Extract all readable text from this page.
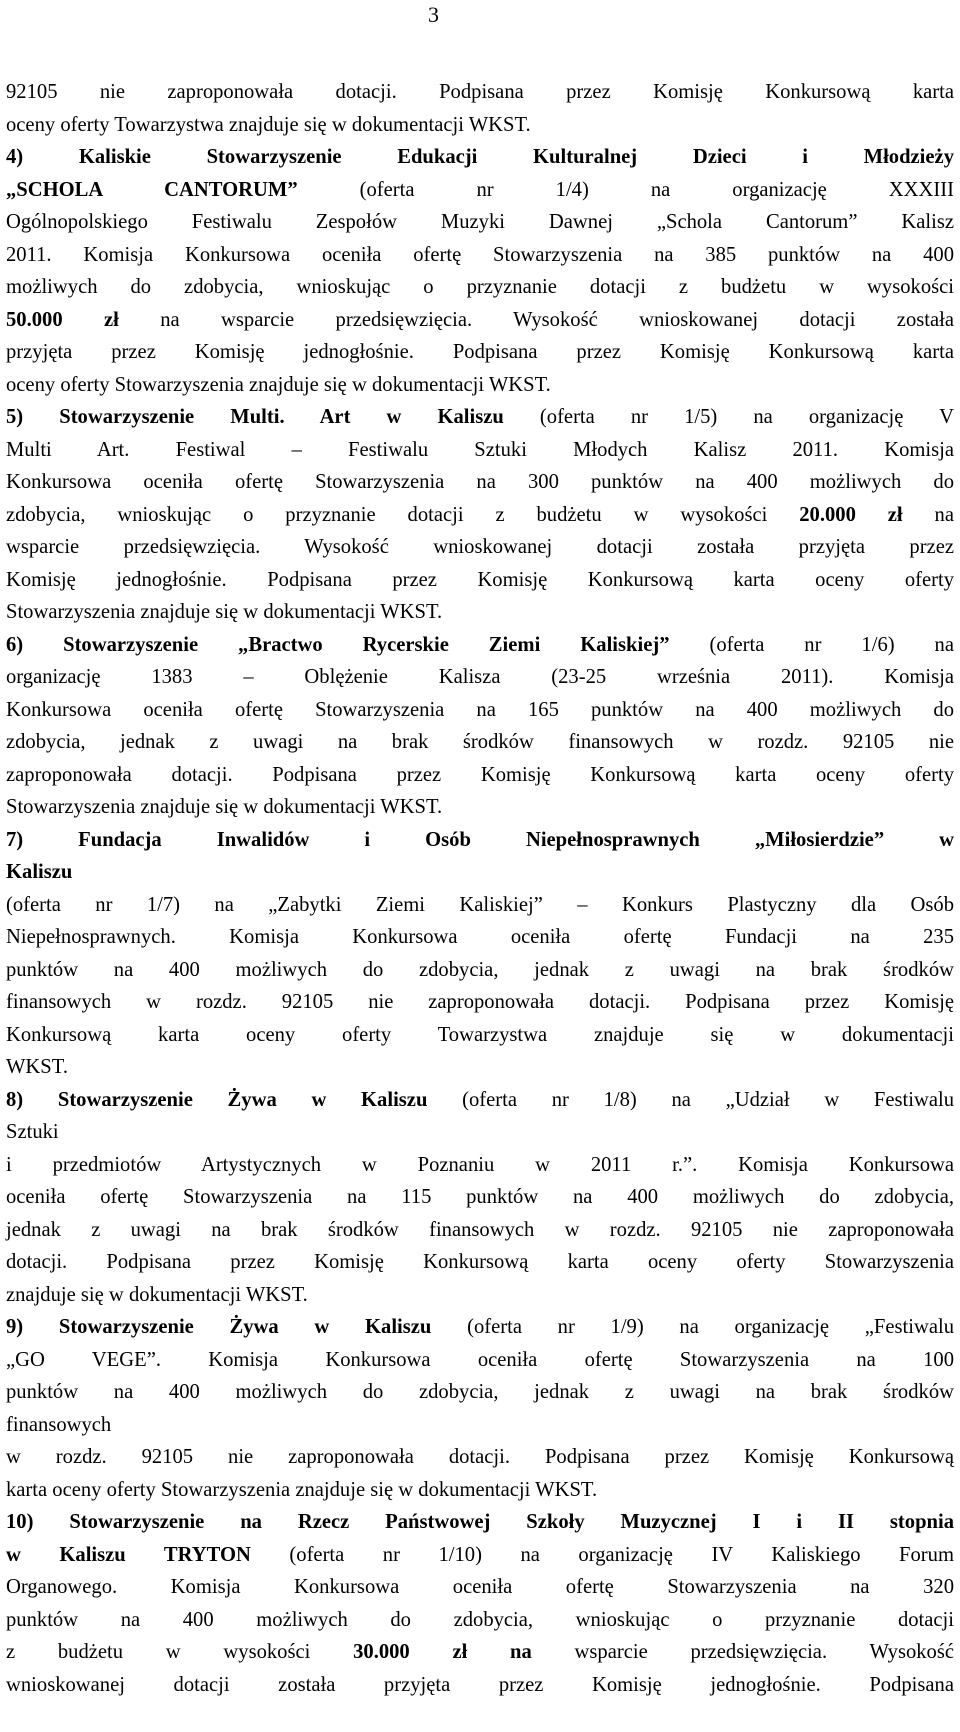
3
92105 nie zaproponowała dotacji. Podpisana przez Komisję Konkursową karta
oceny oferty Towarzystwa znajduje się w dokumentacji WKST.
4) Kaliskie Stowarzyszenie Edukacji Kulturalnej Dzieci i Młodzieży
„SCHOLA CANTORUM” (oferta nr 1/4) na organizację XXXIII
Ogólnopolskiego Festiwalu Zespołów Muzyki Dawnej „Schola Cantorum” Kalisz
2011. Komisja Konkursowa oceniła ofertę Stowarzyszenia na 385 punktów na 400
możliwych do zdobycia, wnioskując o przyznanie dotacji z budżetu w wysokości
50.000 zł na wsparcie przedsięwzięcia. Wysokość wnioskowanej dotacji została
przyjęta przez Komisję jednogłośnie. Podpisana przez Komisję Konkursową karta
oceny oferty Stowarzyszenia znajduje się w dokumentacji WKST.
5) Stowarzyszenie Multi. Art w Kaliszu (oferta nr 1/5) na organizację V
Multi Art. Festiwal – Festiwalu Sztuki Młodych Kalisz 2011. Komisja
Konkursowa oceniła ofertę Stowarzyszenia na 300 punktów na 400 możliwych do
zdobycia, wnioskując o przyznanie dotacji z budżetu w wysokości 20.000 zł na
wsparcie przedsięwzięcia. Wysokość wnioskowanej dotacji została przyjęta przez
Komisję jednogłośnie. Podpisana przez Komisję Konkursową karta oceny oferty
Stowarzyszenia znajduje się w dokumentacji WKST.
6) Stowarzyszenie „Bractwo Rycerskie Ziemi Kaliskiej” (oferta nr 1/6) na
organizację 1383 – Oblężenie Kalisza (23-25 września 2011). Komisja
Konkursowa oceniła ofertę Stowarzyszenia na 165 punktów na 400 możliwych do
zdobycia, jednak z uwagi na brak środków finansowych w rozdz. 92105 nie
zaproponowała dotacji. Podpisana przez Komisję Konkursową karta oceny oferty
Stowarzyszenia znajduje się w dokumentacji WKST.
7) Fundacja Inwalidów i Osób Niepełnosprawnych „Miłosierdzie” w
Kaliszu
(oferta nr 1/7) na „Zabytki Ziemi Kaliskiej” – Konkurs Plastyczny dla Osób
Niepełnosprawnych. Komisja Konkursowa oceniła ofertę Fundacji na 235
punktów na 400 możliwych do zdobycia, jednak z uwagi na brak środków
finansowych w rozdz. 92105 nie zaproponowała dotacji. Podpisana przez Komisję
Konkursową karta oceny oferty Towarzystwa znajduje się w dokumentacji
WKST.
8) Stowarzyszenie Żywa w Kaliszu (oferta nr 1/8) na „Udział w Festiwalu
Sztuki
i przedmiotów Artystycznych w Poznaniu w 2011 r.”. Komisja Konkursowa
oceniła ofertę Stowarzyszenia na 115 punktów na 400 możliwych do zdobycia,
jednak z uwagi na brak środków finansowych w rozdz. 92105 nie zaproponowała
dotacji. Podpisana przez Komisję Konkursową karta oceny oferty Stowarzyszenia
znajduje się w dokumentacji WKST.
9) Stowarzyszenie Żywa w Kaliszu (oferta nr 1/9) na organizację „Festiwalu
„GO VEGE”. Komisja Konkursowa oceniła ofertę Stowarzyszenia na 100
punktów na 400 możliwych do zdobycia, jednak z uwagi na brak środków
finansowych
w rozdz. 92105 nie zaproponowała dotacji. Podpisana przez Komisję Konkursową
karta oceny oferty Stowarzyszenia znajduje się w dokumentacji WKST.
10) Stowarzyszenie na Rzecz Państwowej Szkoły Muzycznej I i II stopnia
w Kaliszu TRYTON (oferta nr 1/10) na organizację IV Kaliskiego Forum
Organowego. Komisja Konkursowa oceniła ofertę Stowarzyszenia na 320
punktów na 400 możliwych do zdobycia, wnioskując o przyznanie dotacji
z budżetu w wysokości 30.000 zł na wsparcie przedsięwzięcia. Wysokość
wnioskowanej dotacji została przyjęta przez Komisję jednogłośnie. Podpisana
